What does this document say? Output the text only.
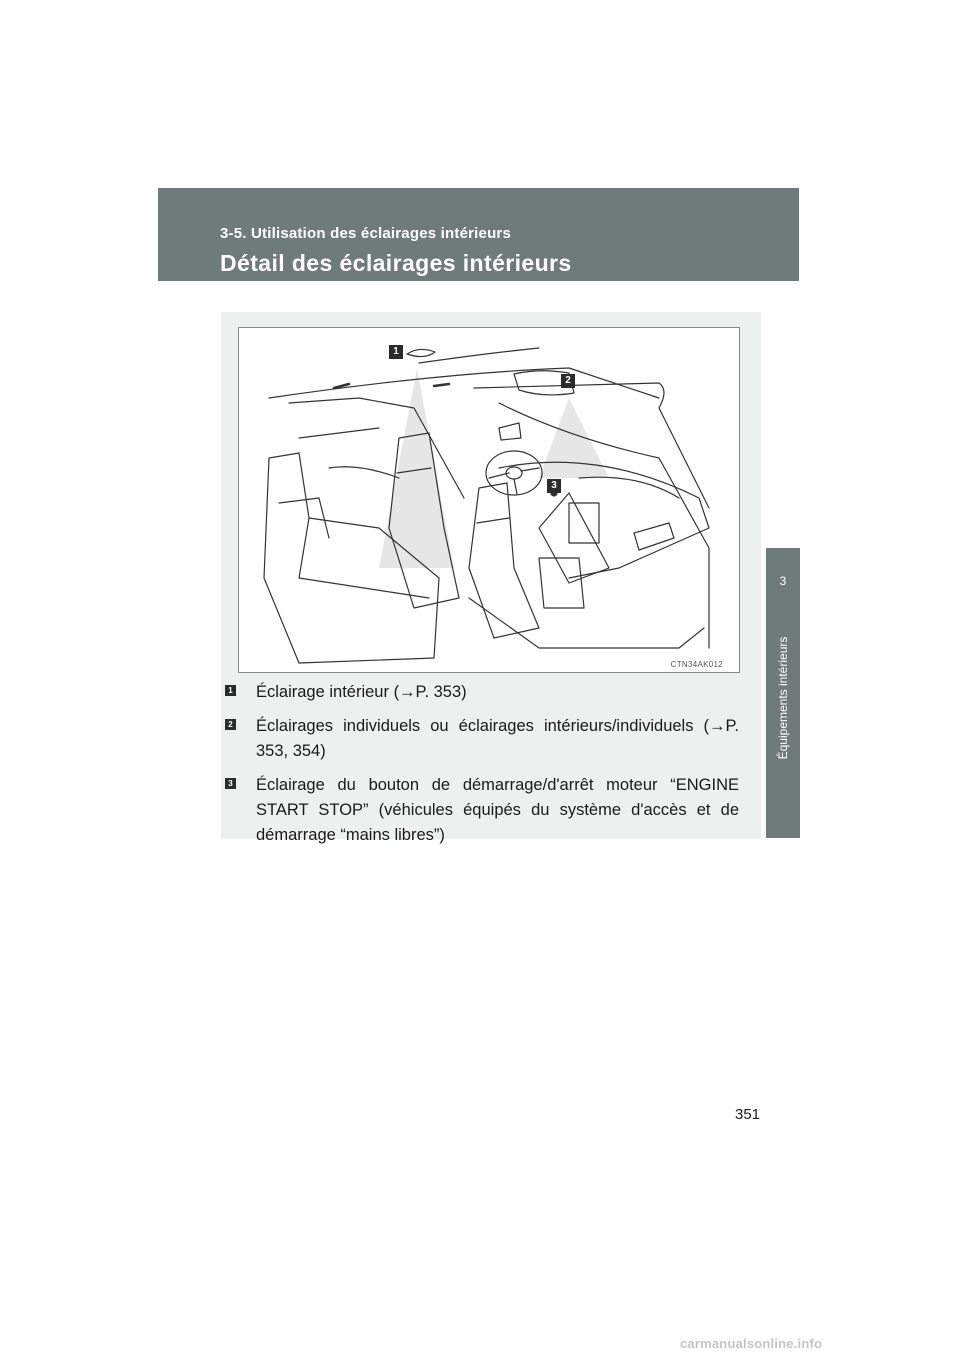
3-5. Utilisation des éclairages intérieurs
Détail des éclairages intérieurs
3
Équipements intérieurs
1
2
3
CTN34AK012
1 Éclairage intérieur (→P. 353)
2 Éclairages individuels ou éclairages intérieurs/individuels (→P. 353, 354)
3 Éclairage du bouton de démarrage/d'arrêt moteur “ENGINE START STOP” (véhicules équipés du système d'accès et de démarrage “mains libres”)
351
carmanualsonline.info
